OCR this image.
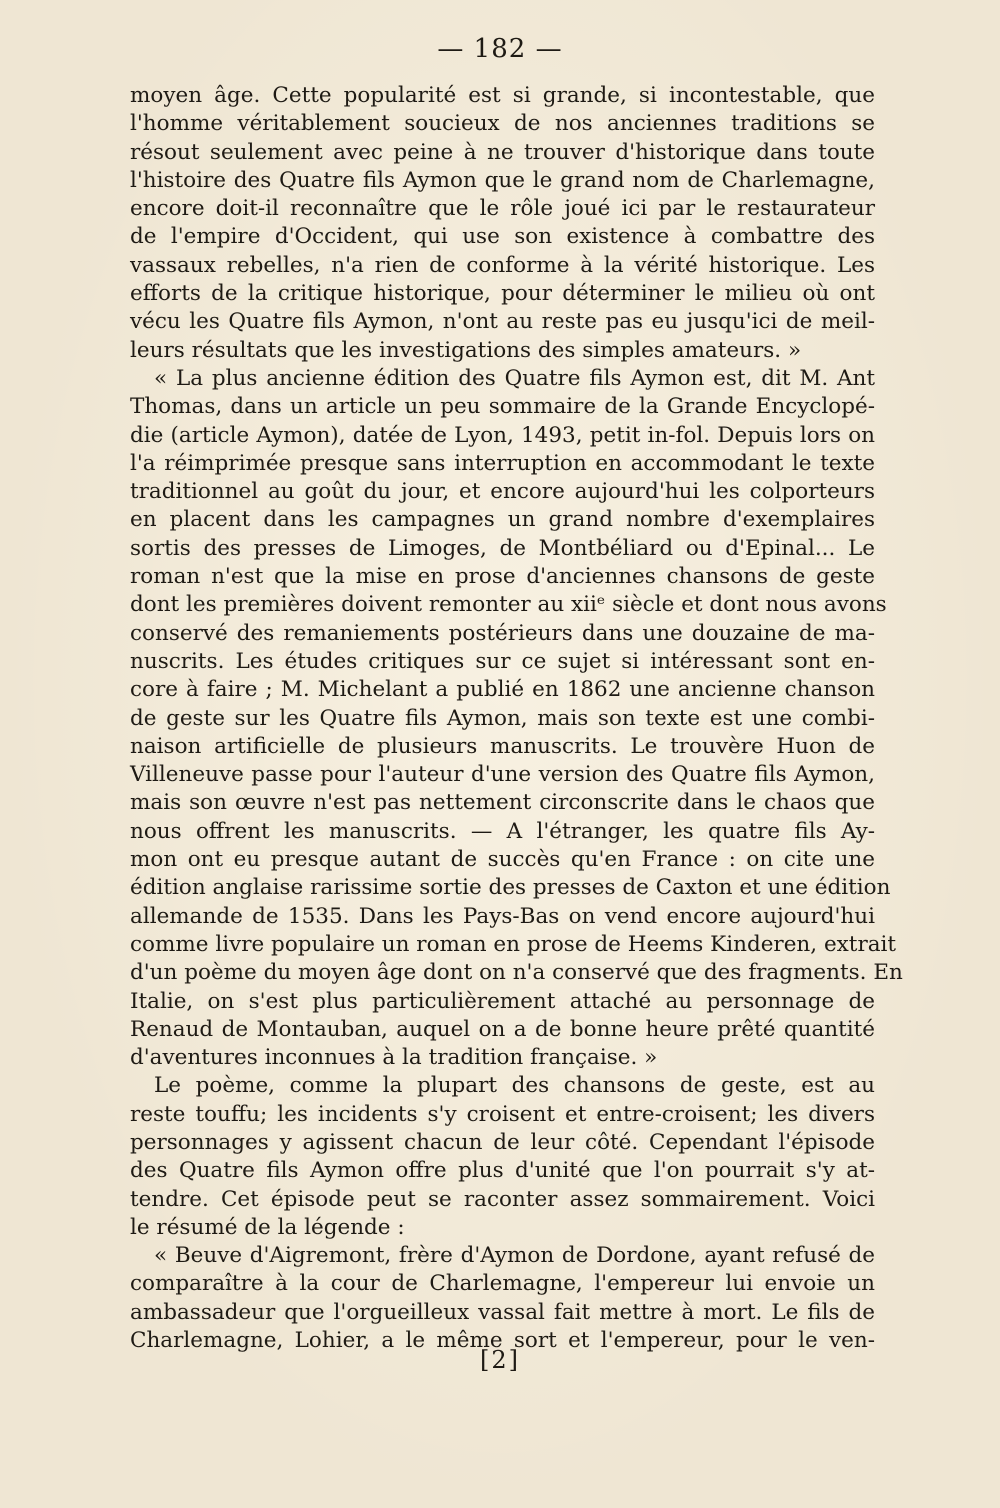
— 182 —
moyen âge. Cette popularité est si grande, si incontestable, que
l'homme véritablement soucieux de nos anciennes traditions se
résout seulement avec peine à ne trouver d'historique dans toute
l'histoire des Quatre fils Aymon que le grand nom de Charlemagne,
encore doit-il reconnaître que le rôle joué ici par le restaurateur
de l'empire d'Occident, qui use son existence à combattre des
vassaux rebelles, n'a rien de conforme à la vérité historique. Les
efforts de la critique historique, pour déterminer le milieu où ont
vécu les Quatre fils Aymon, n'ont au reste pas eu jusqu'ici de meil-
leurs résultats que les investigations des simples amateurs. »
« La plus ancienne édition des Quatre fils Aymon est, dit M. Ant
Thomas, dans un article un peu sommaire de la Grande Encyclopé-
die (article Aymon), datée de Lyon, 1493, petit in-fol. Depuis lors on
l'a réimprimée presque sans interruption en accommodant le texte
traditionnel au goût du jour, et encore aujourd'hui les colporteurs
en placent dans les campagnes un grand nombre d'exemplaires
sortis des presses de Limoges, de Montbéliard ou d'Epinal... Le
roman n'est que la mise en prose d'anciennes chansons de geste
dont les premières doivent remonter au xiiᵉ siècle et dont nous avons
conservé des remaniements postérieurs dans une douzaine de ma-
nuscrits. Les études critiques sur ce sujet si intéressant sont en-
core à faire ; M. Michelant a publié en 1862 une ancienne chanson
de geste sur les Quatre fils Aymon, mais son texte est une combi-
naison artificielle de plusieurs manuscrits. Le trouvère Huon de
Villeneuve passe pour l'auteur d'une version des Quatre fils Aymon,
mais son œuvre n'est pas nettement circonscrite dans le chaos que
nous offrent les manuscrits. — A l'étranger, les quatre fils Ay-
mon ont eu presque autant de succès qu'en France : on cite une
édition anglaise rarissime sortie des presses de Caxton et une édition
allemande de 1535. Dans les Pays-Bas on vend encore aujourd'hui
comme livre populaire un roman en prose de Heems Kinderen, extrait
d'un poème du moyen âge dont on n'a conservé que des fragments. En
Italie, on s'est plus particulièrement attaché au personnage de
Renaud de Montauban, auquel on a de bonne heure prêté quantité
d'aventures inconnues à la tradition française. »
Le poème, comme la plupart des chansons de geste, est au
reste touffu; les incidents s'y croisent et entre-croisent; les divers
personnages y agissent chacun de leur côté. Cependant l'épisode
des Quatre fils Aymon offre plus d'unité que l'on pourrait s'y at-
tendre. Cet épisode peut se raconter assez sommairement. Voici
le résumé de la légende :
« Beuve d'Aigremont, frère d'Aymon de Dordone, ayant refusé de
comparaître à la cour de Charlemagne, l'empereur lui envoie un
ambassadeur que l'orgueilleux vassal fait mettre à mort. Le fils de
Charlemagne, Lohier, a le même sort et l'empereur, pour le ven-
[2]
